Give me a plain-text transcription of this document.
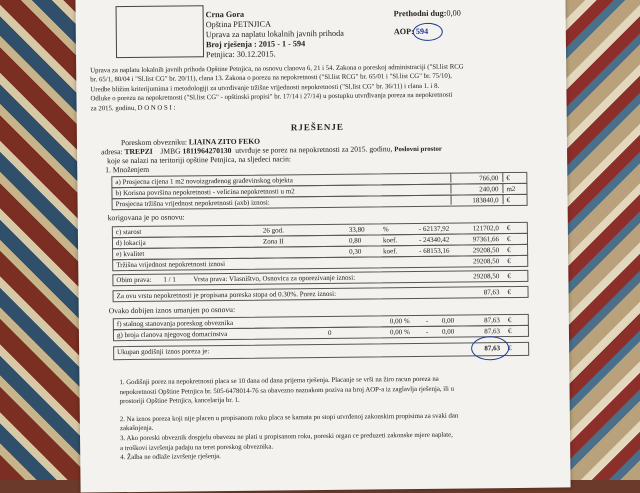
Crna Gora
Opština PETNJICA
Uprava za naplatu lokalnih javnih prihoda
Broj rješenja : 2015 - 1 - 594
Petnjica: 30.12.2015.
Prethodni dug:0,00
AOP: 594
Uprava za naplatu lokalnih javnih prihoda Opštine Petnjica, na osnovu clanova 6, 21 i 54. Zakona o poreskoj administraciji ("Sl.list RCG
br. 65/1, 80/04 i "Sl.list CG" br. 20/11), clana 13. Zakona o porezu na nepokretnosti ("Sl.list RCG" br. 65/01 i "Sl.list CG" br. 75/10),
Uredbe bližim kriterijumima i metodologiji za utvrđivanje tržišne vrijednosti nepokretnosti ("Sl.list CG" br. 36/11) i clana 1. i 8.
Odluke o porezu na nepokretnosti ("Sl.list CG" - opštinski propisi" br. 17/14 i 27/14) u postupku utvrđivanja poreza na nepokretnosti
za 2015. godinu, D O N O S I :
RJEŠENJE
Poreskom obvezniku: LIAINA ZITO FEKO
adresa: TREPZI JMBG 1811964270130 utvrđuje se porez na nepokretnosti za 2015. godinu, Poslovni prostor
koje se nalazi na teritoriji opštine Petnjica, na sljedeci nacin:
1. Množenjem
a) Prosjecna cijena 1 m2 novoizgrađenog građevinskog objekta	766,00 €
b) Korisna površina nepokretnosti - velicina nepokretnosti u m2	240,00 m2
Prosjecna tržišna vrijednost nepokretnosti (axb) iznosi:	183840,0 €
korigovana je po osnovu:
c) starost	26 god.	33,80	%	- 62137,92	121702,0 €
d) lokacija	Zona II	0,80	koef.	- 24340,42	97361,66 €
e) kvalitet	0,30	koef.	- 68153,16	29208,50 €
Tržišna vrijednost nepokretnosti iznosi	29208,50 €
Obim prava: 1 / 1 Vrsta prava: Vlasništvo, Osnovica za oporezivanje iznosi:	29208,50 €
Za ovu vrstu nepokretnosti je propisana poreska stopa od 0.30%. Porez iznosi:	87,63 €
Ovako dobijen iznos umanjen po osnovu:
f) stalnog stanovanja poreskog obveznika	0,00 % - 0,00	87,63 €
g) broja clanova njegovog domacinstva	0	0,00 % - 0,00	87,63 €
Ukupan godišnji iznos poreza je:	87,63 €
1. Godišnji porez na nepokretnosti placa se 10 dana od dana prijema rješenja. Placanje se vrši na žiro racun poreza na
nepokretnosti Opštine Petnjica br. 505-6478014-76 sa obavezno naznakom poziva na broj AOP-a iz zaglavlja rješenja, ili u
prostoriji Opštine Petnjica, kancelarija br. 1.
2. Na iznos poreza koji nije placen u propisanom roku placa se kamata po stopi utvrđenoj zakonskim propisima za svaki dan
zakašnjenja.
3. Ako poreski obveznik dospjelu obavezu ne plati u propisanom roku, poreski organ ce preduzeti zakonske mjere naplate,
a troškovi izvršenja padaju na teret poreskog obveznika.
4. Žalba ne odlaže izvršenje rješenja.
